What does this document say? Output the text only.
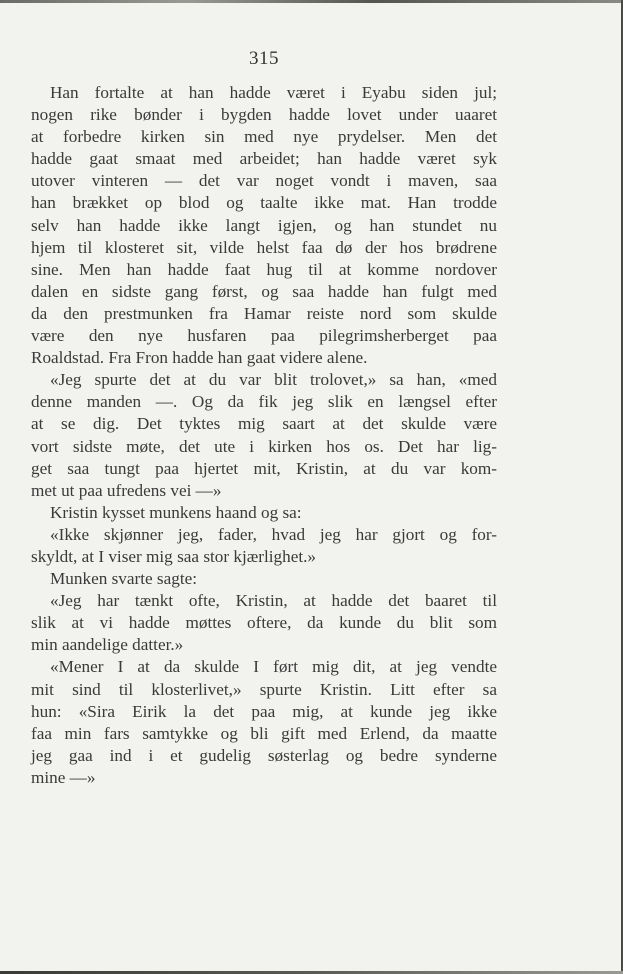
315
Han fortalte at han hadde været i Eyabu siden jul;
nogen rike bønder i bygden hadde lovet under uaaret
at forbedre kirken sin med nye prydelser. Men det
hadde gaat smaat med arbeidet; han hadde været syk
utover vinteren — det var noget vondt i maven, saa
han brækket op blod og taalte ikke mat. Han trodde
selv han hadde ikke langt igjen, og han stundet nu
hjem til klosteret sit, vilde helst faa dø der hos brødrene
sine. Men han hadde faat hug til at komme nordover
dalen en sidste gang først, og saa hadde han fulgt med
da den prestmunken fra Hamar reiste nord som skulde
være den nye husfaren paa pilegrimsherberget paa
Roaldstad. Fra Fron hadde han gaat videre alene.
«Jeg spurte det at du var blit trolovet,» sa han, «med
denne manden —. Og da fik jeg slik en længsel efter
at se dig. Det tyktes mig saart at det skulde være
vort sidste møte, det ute i kirken hos os. Det har lig-
get saa tungt paa hjertet mit, Kristin, at du var kom-
met ut paa ufredens vei —»
Kristin kysset munkens haand og sa:
«Ikke skjønner jeg, fader, hvad jeg har gjort og for-
skyldt, at I viser mig saa stor kjærlighet.»
Munken svarte sagte:
«Jeg har tænkt ofte, Kristin, at hadde det baaret til
slik at vi hadde møttes oftere, da kunde du blit som
min aandelige datter.»
«Mener I at da skulde I ført mig dit, at jeg vendte
mit sind til klosterlivet,» spurte Kristin. Litt efter sa
hun: «Sira Eirik la det paa mig, at kunde jeg ikke
faa min fars samtykke og bli gift med Erlend, da maatte
jeg gaa ind i et gudelig søsterlag og bedre synderne
mine —»
